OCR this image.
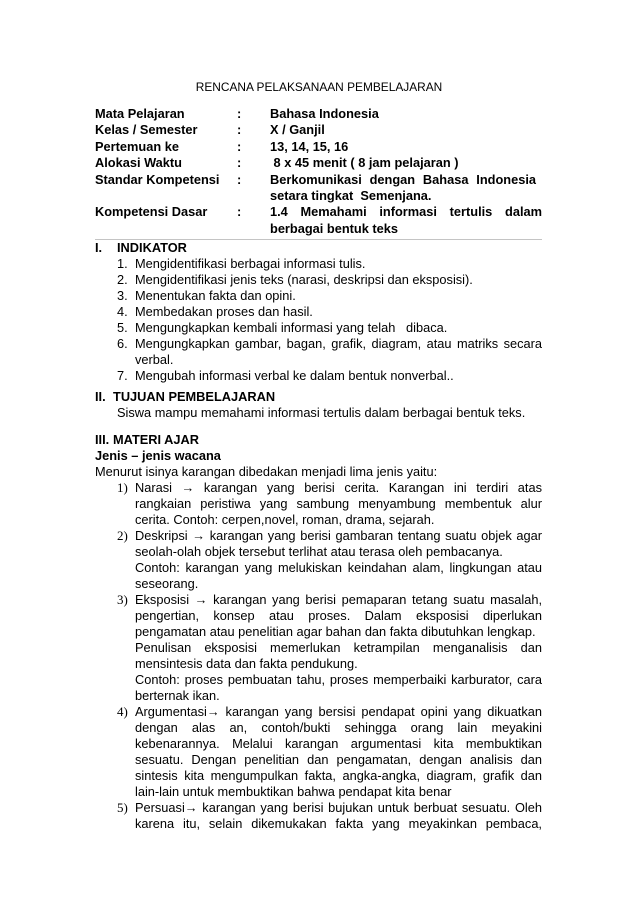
RENCANA PELAKSANAAN PEMBELAJARAN
Mata Pelajaran	: Bahasa Indonesia
Kelas / Semester	: X / Ganjil
Pertemuan ke	: 13, 14, 15, 16
Alokasi Waktu	: 8 x 45 menit ( 8 jam pelajaran )
Standar Kompetensi : Berkomunikasi dengan Bahasa Indonesia
setara tingkat  Semenjana.
Kompetensi Dasar : 1.4 Memahami informasi tertulis dalam
berbagai bentuk teks
I. INDIKATOR
1. Mengidentifikasi berbagai informasi tulis.
2. Mengidentifikasi jenis teks (narasi, deskripsi dan eksposisi).
3. Menentukan fakta dan opini.
4. Membedakan proses dan hasil.
5. Mengungkapkan kembali informasi yang telah   dibaca.
6. Mengungkapkan gambar, bagan, grafik, diagram, atau matriks secara
verbal.
7. Mengubah informasi verbal ke dalam bentuk nonverbal..
II. TUJUAN PEMBELAJARAN
Siswa mampu memahami informasi tertulis dalam berbagai bentuk teks.
III. MATERI AJAR
Jenis – jenis wacana
Menurut isinya karangan dibedakan menjadi lima jenis yaitu:
1) Narasi → karangan yang berisi cerita. Karangan ini terdiri atas
rangkaian peristiwa yang sambung menyambung membentuk alur
cerita. Contoh: cerpen,novel, roman, drama, sejarah.
2) Deskripsi → karangan yang berisi gambaran tentang suatu objek agar
seolah-olah objek tersebut terlihat atau terasa oleh pembacanya.
Contoh: karangan yang melukiskan keindahan alam, lingkungan atau
seseorang.
3) Eksposisi → karangan yang berisi pemaparan tetang suatu masalah,
pengertian, konsep atau proses. Dalam eksposisi diperlukan
pengamatan atau penelitian agar bahan dan fakta dibutuhkan lengkap.
Penulisan eksposisi memerlukan ketrampilan menganalisis dan
mensintesis data dan fakta pendukung.
Contoh: proses pembuatan tahu, proses memperbaiki karburator, cara
berternak ikan.
4) Argumentasi→ karangan yang bersisi pendapat opini yang dikuatkan
dengan alas an, contoh/bukti sehingga orang lain meyakini
kebenarannya. Melalui karangan argumentasi kita membuktikan
sesuatu. Dengan penelitian dan pengamatan, dengan analisis dan
sintesis kita mengumpulkan fakta, angka-angka, diagram, grafik dan
lain-lain untuk membuktikan bahwa pendapat kita benar
5) Persuasi→ karangan yang berisi bujukan untuk berbuat sesuatu. Oleh
karena itu, selain dikemukakan fakta yang meyakinkan pembaca,
